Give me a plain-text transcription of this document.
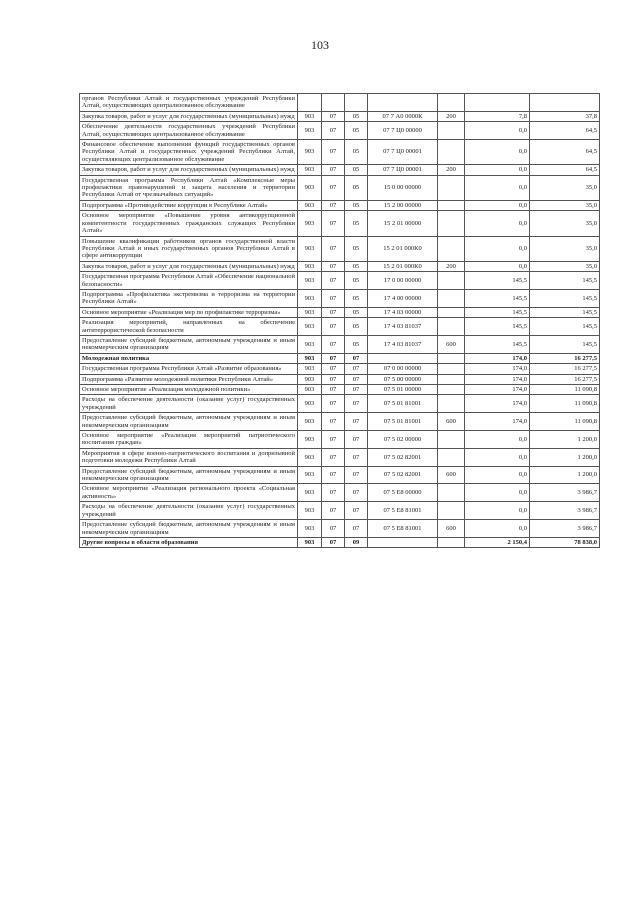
103
органов Республики Алтай и государственных учреждений Республики Алтай, осуществляющих централизованное обслуживание							
Закупка товаров, работ и услуг для государственных (муниципальных) нужд	903	07	05	07 7 А0 0000К	200	7,8	37,8
Обеспечение деятельности государственных учреждений Республики Алтай, осуществляющих централизованное обслуживание	903	07	05	07 7 Ц0 00000		0,0	64,5
Финансовое обеспечение выполнения функций государственных органов Республики Алтай и государственных учреждений Республики Алтай, осуществляющих централизованное обслуживание	903	07	05	07 7 Ц0 00001		0,0	64,5
Закупка товаров, работ и услуг для государственных (муниципальных) нужд	903	07	05	07 7 Ц0 00001	200	0,0	64,5
Государственная программа Республики Алтай «Комплексные меры профилактики правонарушений и защита населения и территории Республики Алтай от чрезвычайных ситуаций»	903	07	05	15 0 00 00000		0,0	35,0
Подпрограмма «Противодействие коррупции в Республике Алтай»	903	07	05	15 2 00 00000		0,0	35,0
Основное мероприятие «Повышение уровня антикоррупционной компетентности государственных гражданских служащих Республики Алтай»	903	07	05	15 2 01 00000		0,0	35,0
Повышение квалификации работников органов государственной власти Республики Алтай и иных государственных органов Республики Алтай в сфере антикоррупции	903	07	05	15 2 01 000К0		0,0	35,0
Закупка товаров, работ и услуг для государственных (муниципальных) нужд	903	07	05	15 2 01 000К0	200	0,0	35,0
Государственная программа Республики Алтай «Обеспечение национальной безопасности»	903	07	05	17 0 00 00000		145,5	145,5
Подпрограмма «Профилактика экстремизма и терроризма на территории Республики Алтай»	903	07	05	17 4 00 00000		145,5	145,5
Основное мероприятие «Реализация мер по профилактике терроризма»	903	07	05	17 4 03 00000		145,5	145,5
Реализация мероприятий, направленных на обеспечение антитеррористической безопасности	903	07	05	17 4 03 81037		145,5	145,5
Предоставление субсидий бюджетным, автономным учреждениям и иным некоммерческим организациям	903	07	05	17 4 03 81037	600	145,5	145,5
Молодежная политика	903	07	07			174,0	16 277,5
Государственная программа Республики Алтай «Развитие образования»	903	07	07	07 0 00 00000		174,0	16 277,5
Подпрограмма «Развитие молодежной политики Республики Алтай»	903	07	07	07 5 00 00000		174,0	16 277,5
Основное мероприятие «Реализация молодежной политики»	903	07	07	07 5 01 00000		174,0	11 090,8
Расходы на обеспечение деятельности (оказание услуг) государственных учреждений	903	07	07	07 5 01 81001		174,0	11 090,8
Предоставление субсидий бюджетным, автономным учреждениям и иным некоммерческим организациям	903	07	07	07 5 01 81001	600	174,0	11 090,8
Основное мероприятие «Реализация мероприятий патриотического воспитания граждан»	903	07	07	07 5 02 00000		0,0	1 200,0
Мероприятия в сфере военно-патриотического воспитания и допризывной подготовки молодежи Республики Алтай	903	07	07	07 5 02 82001		0,0	1 200,0
Предоставление субсидий бюджетным, автономным учреждениям и иным некоммерческим организациям	903	07	07	07 5 02 82001	600	0,0	1 200,0
Основное мероприятие «Реализация регионального проекта «Социальная активность»	903	07	07	07 5 E8 00000		0,0	3 986,7
Расходы на обеспечение деятельности (оказание услуг) государственных учреждений	903	07	07	07 5 E8 81001		0,0	3 986,7
Предоставление субсидий бюджетным, автономным учреждениям и иным некоммерческим организациям	903	07	07	07 5 E8 81001	600	0,0	3 986,7
Другие вопросы в области образования	903	07	09			2 150,4	78 838,0
